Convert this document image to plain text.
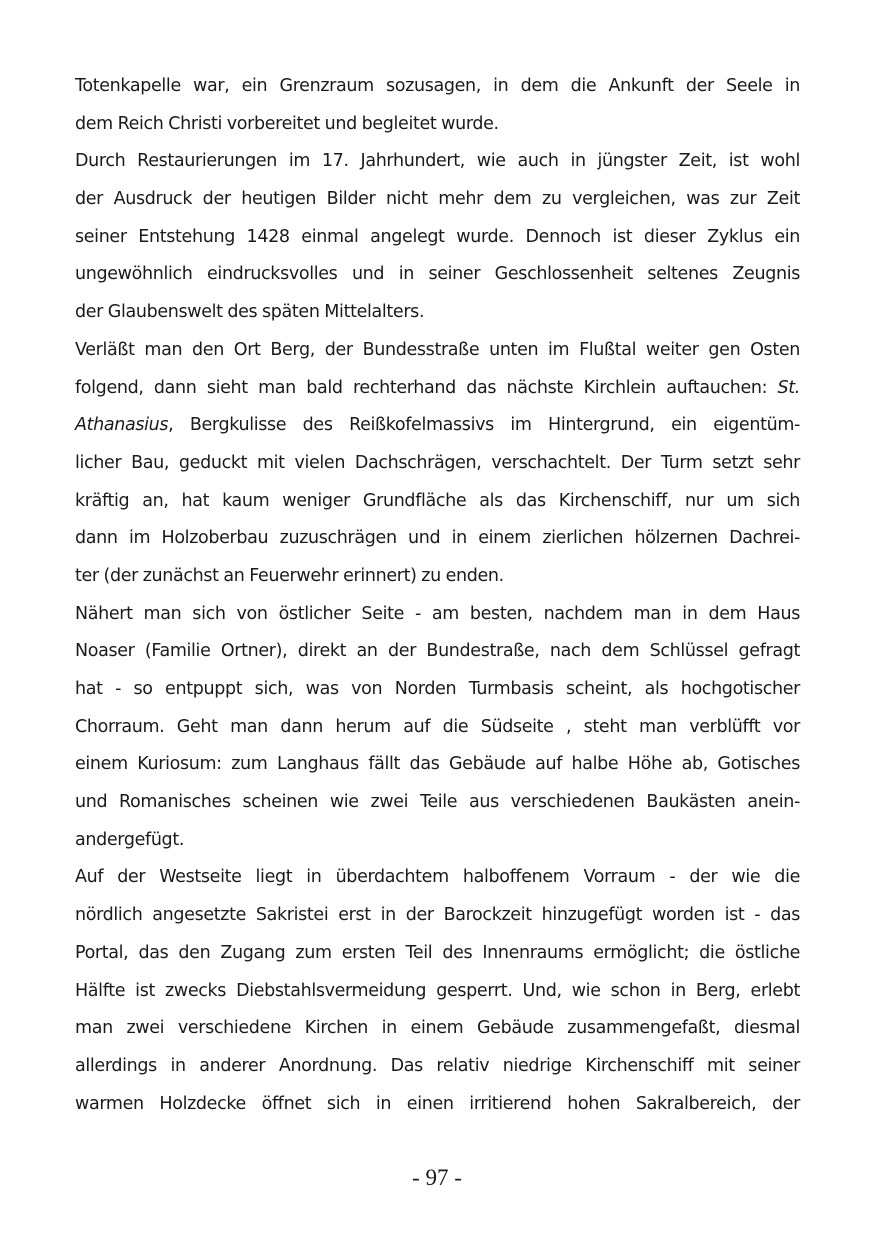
Totenkapelle war, ein Grenzraum sozusagen, in dem die Ankunft der Seele in
dem Reich Christi vorbereitet und begleitet wurde.
Durch Restaurierungen im 17. Jahrhundert, wie auch in jüngster Zeit, ist wohl
der Ausdruck der heutigen Bilder nicht mehr dem zu vergleichen, was zur Zeit
seiner Entstehung 1428 einmal angelegt wurde. Dennoch ist dieser Zyklus ein
ungewöhnlich eindrucksvolles und in seiner Geschlossenheit seltenes Zeugnis
der Glaubenswelt des späten Mittelalters.
Verläßt man den Ort Berg, der Bundesstraße unten im Flußtal weiter gen Osten
folgend, dann sieht man bald rechterhand das nächste Kirchlein auftauchen: St.
Athanasius, Bergkulisse des Reißkofelmassivs im Hintergrund, ein eigentüm-
licher Bau, geduckt mit vielen Dachschrägen, verschachtelt. Der Turm setzt sehr
kräftig an, hat kaum weniger Grundfläche als das Kirchenschiff, nur um sich
dann im Holzoberbau zuzuschrägen und in einem zierlichen hölzernen Dachrei-
ter (der zunächst an Feuerwehr erinnert) zu enden.
Nähert man sich von östlicher Seite - am besten, nachdem man in dem Haus
Noaser (Familie Ortner), direkt an der Bundestraße, nach dem Schlüssel gefragt
hat - so entpuppt sich, was von Norden Turmbasis scheint, als hochgotischer
Chorraum. Geht man dann herum auf die Südseite , steht man verblüfft vor
einem Kuriosum: zum Langhaus fällt das Gebäude auf halbe Höhe ab, Gotisches
und Romanisches scheinen wie zwei Teile aus verschiedenen Baukästen anein-
andergefügt.
Auf der Westseite liegt in überdachtem halboffenem Vorraum - der wie die
nördlich angesetzte Sakristei erst in der Barockzeit hinzugefügt worden ist - das
Portal, das den Zugang zum ersten Teil des Innenraums ermöglicht; die östliche
Hälfte ist zwecks Diebstahlsvermeidung gesperrt. Und, wie schon in Berg, erlebt
man zwei verschiedene Kirchen in einem Gebäude zusammengefaßt, diesmal
allerdings in anderer Anordnung. Das relativ niedrige Kirchenschiff mit seiner
warmen Holzdecke öffnet sich in einen irritierend hohen Sakralbereich, der
- 97 -
